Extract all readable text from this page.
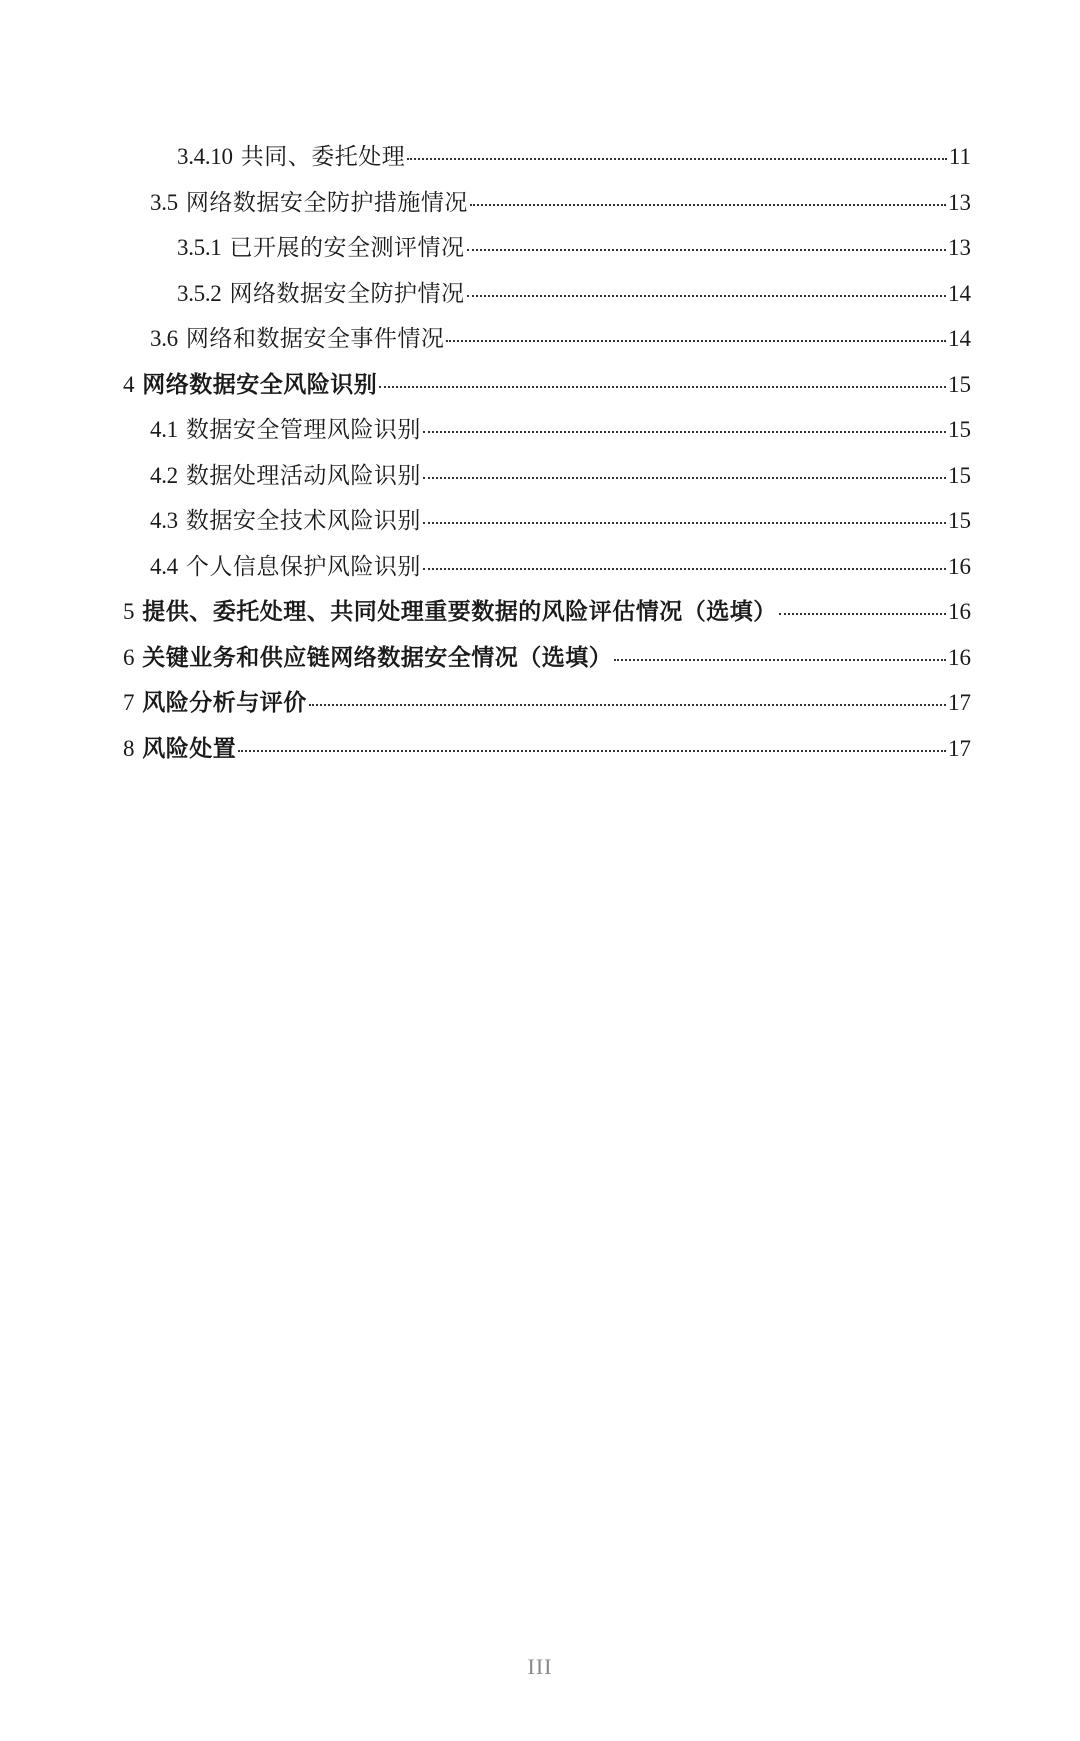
3.4.10 共同、委托处理	11
3.5 网络数据安全防护措施情况	13
3.5.1 已开展的安全测评情况	13
3.5.2 网络数据安全防护情况	14
3.6 网络和数据安全事件情况	14
4 网络数据安全风险识别	15
4.1 数据安全管理风险识别	15
4.2 数据处理活动风险识别	15
4.3 数据安全技术风险识别	15
4.4 个人信息保护风险识别	16
5 提供、委托处理、共同处理重要数据的风险评估情况（选填）	16
6 关键业务和供应链网络数据安全情况（选填）	16
7 风险分析与评价	17
8 风险处置	17
III
